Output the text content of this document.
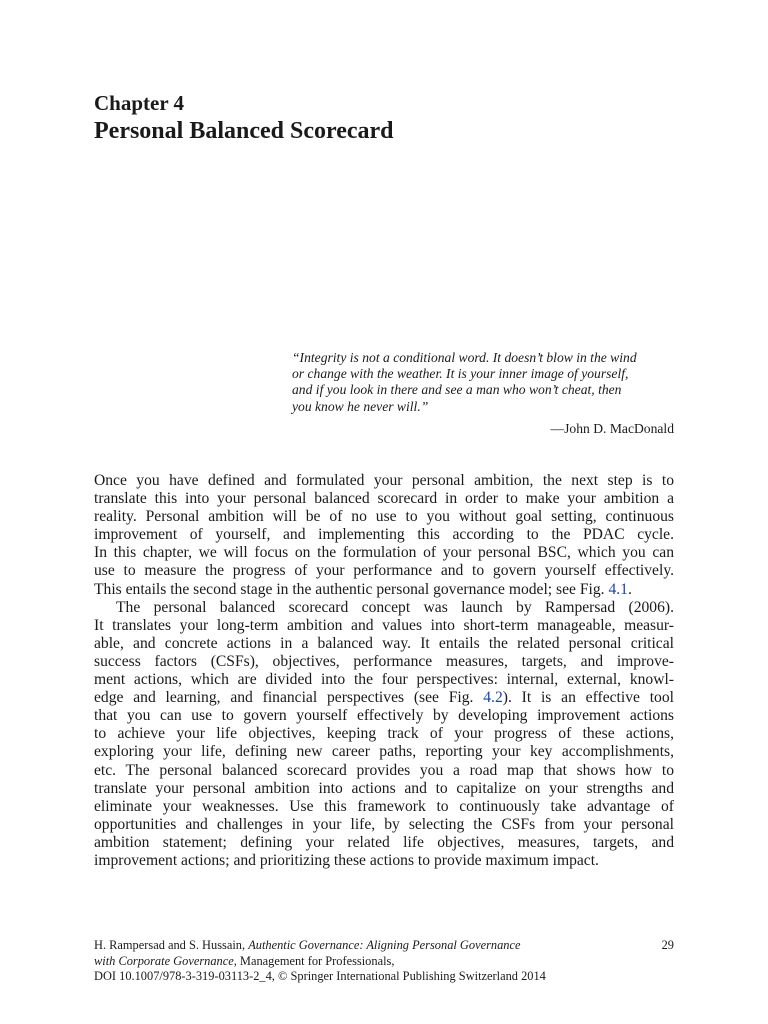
Chapter 4
Personal Balanced Scorecard
“Integrity is not a conditional word. It doesn’t blow in the wind
or change with the weather. It is your inner image of yourself,
and if you look in there and see a man who won’t cheat, then
you know he never will.”
—John D. MacDonald
Once you have defined and formulated your personal ambition, the next step is to
translate this into your personal balanced scorecard in order to make your ambition a
reality. Personal ambition will be of no use to you without goal setting, continuous
improvement of yourself, and implementing this according to the PDAC cycle.
In this chapter, we will focus on the formulation of your personal BSC, which you can
use to measure the progress of your performance and to govern yourself effectively.
This entails the second stage in the authentic personal governance model; see Fig. 4.1.
The personal balanced scorecard concept was launch by Rampersad (2006).
It translates your long-term ambition and values into short-term manageable, measur-
able, and concrete actions in a balanced way. It entails the related personal critical
success factors (CSFs), objectives, performance measures, targets, and improve-
ment actions, which are divided into the four perspectives: internal, external, knowl-
edge and learning, and financial perspectives (see Fig. 4.2). It is an effective tool
that you can use to govern yourself effectively by developing improvement actions
to achieve your life objectives, keeping track of your progress of these actions,
exploring your life, defining new career paths, reporting your key accomplishments,
etc. The personal balanced scorecard provides you a road map that shows how to
translate your personal ambition into actions and to capitalize on your strengths and
eliminate your weaknesses. Use this framework to continuously take advantage of
opportunities and challenges in your life, by selecting the CSFs from your personal
ambition statement; defining your related life objectives, measures, targets, and
improvement actions; and prioritizing these actions to provide maximum impact.
H. Rampersad and S. Hussain, Authentic Governance: Aligning Personal Governance
with Corporate Governance, Management for Professionals,
DOI 10.1007/978-3-319-03113-2_4, © Springer International Publishing Switzerland 2014
29
